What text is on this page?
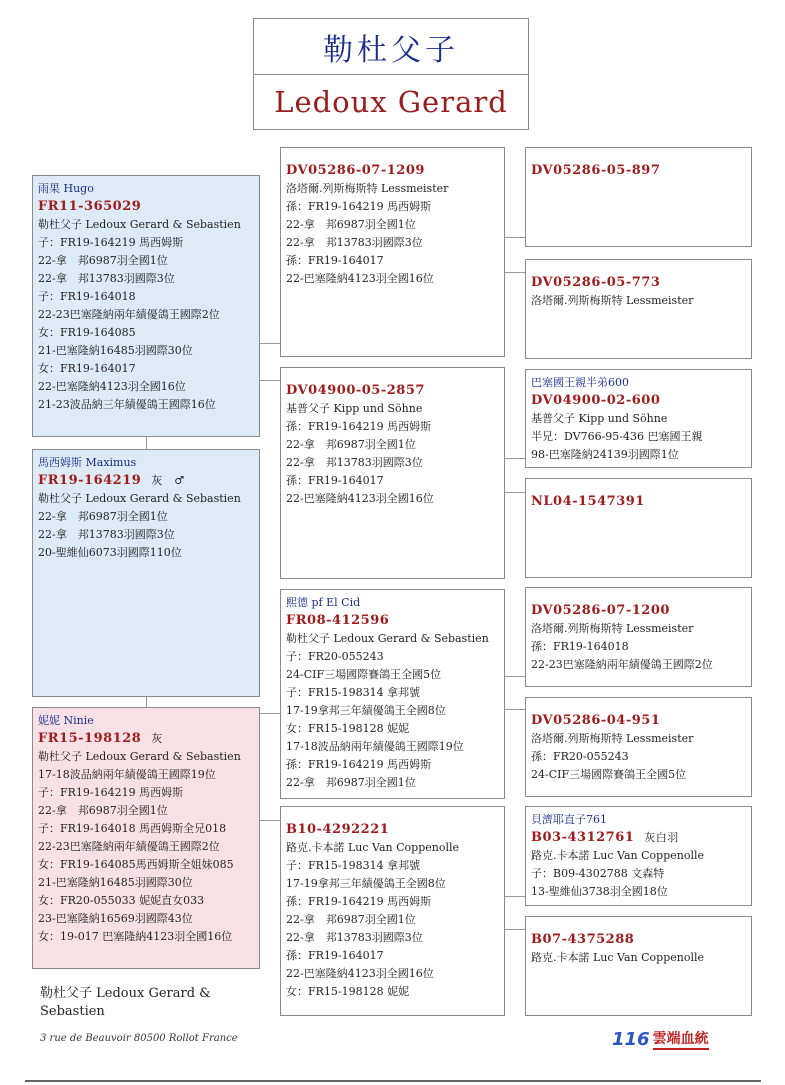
勒杜父子
Ledoux Gerard
雨果 Hugo
FR11-365029
勒杜父子 Ledoux Gerard & Sebastien
子：FR19-164219 馬西姆斯
22-拿　邦6987羽全國1位
22-拿　邦13783羽國際3位
子：FR19-164018
22-23巴塞隆納兩年績優鴿王國際2位
女：FR19-164085
21-巴塞隆納16485羽國際30位
女：FR19-164017
22-巴塞隆納4123羽全國16位
21-23波品納三年績優鴿王國際16位
馬西姆斯 Maximus
FR19-164219 灰　♂
勒杜父子 Ledoux Gerard & Sebastien
22-拿　邦6987羽全國1位
22-拿　邦13783羽國際3位
20-聖維仙6073羽國際110位
妮妮 Ninie
FR15-198128 灰
勒杜父子 Ledoux Gerard & Sebastien
17-18波品納兩年績優鴿王國際19位
子：FR19-164219 馬西姆斯
22-拿　邦6987羽全國1位
子：FR19-164018 馬西姆斯全兄018
22-23巴塞隆納兩年績優鴿王國際2位
女：FR19-164085馬西姆斯全姐妹085
21-巴塞隆納16485羽國際30位
女：FR20-055033 妮妮直女033
23-巴塞隆納16569羽國際43位
女：19-017 巴塞隆納4123羽全國16位
DV05286-07-1209
洛塔爾.列斯梅斯特 Lessmeister
孫：FR19-164219 馬西姆斯
22-拿　邦6987羽全國1位
22-拿　邦13783羽國際3位
孫：FR19-164017
22-巴塞隆納4123羽全國16位
DV04900-05-2857
基普父子 Kipp und Söhne
孫：FR19-164219 馬西姆斯
22-拿　邦6987羽全國1位
22-拿　邦13783羽國際3位
孫：FR19-164017
22-巴塞隆納4123羽全國16位
熙德 pf El Cid
FR08-412596
勒杜父子 Ledoux Gerard & Sebastien
子：FR20-055243
24-CIF三場國際賽鴿王全國5位
子：FR15-198314 拿邦號
17-19拿邦三年績優鴿王全國8位
女：FR15-198128 妮妮
17-18波品納兩年績優鴿王國際19位
孫：FR19-164219 馬西姆斯
22-拿　邦6987羽全國1位
B10-4292221
路克.卡本諾 Luc Van Coppenolle
子：FR15-198314 拿邦號
17-19拿邦三年績優鴿王全國8位
孫：FR19-164219 馬西姆斯
22-拿　邦6987羽全國1位
22-拿　邦13783羽國際3位
孫：FR19-164017
22-巴塞隆納4123羽全國16位
女：FR15-198128 妮妮
DV05286-05-897
DV05286-05-773
洛塔爾.列斯梅斯特 Lessmeister
巴塞國王親半弟600
DV04900-02-600
基普父子 Kipp und Söhne
半兄：DV766-95-436 巴塞國王親
98-巴塞隆納24139羽國際1位
NL04-1547391
DV05286-07-1200
洛塔爾.列斯梅斯特 Lessmeister
孫：FR19-164018
22-23巴塞隆納兩年績優鴿王國際2位
DV05286-04-951
洛塔爾.列斯梅斯特 Lessmeister
孫：FR20-055243
24-CIF三場國際賽鴿王全國5位
貝濟耶直子761
B03-4312761 灰白羽
路克.卡本諾 Luc Van Coppenolle
子：B09-4302788 文森特
13-聖維仙3738羽全國18位
B07-4375288
路克.卡本諾 Luc Van Coppenolle
勒杜父子 Ledoux Gerard & Sebastien
3 rue de Beauvoir 80500 Rollot France	116 雲端血統
